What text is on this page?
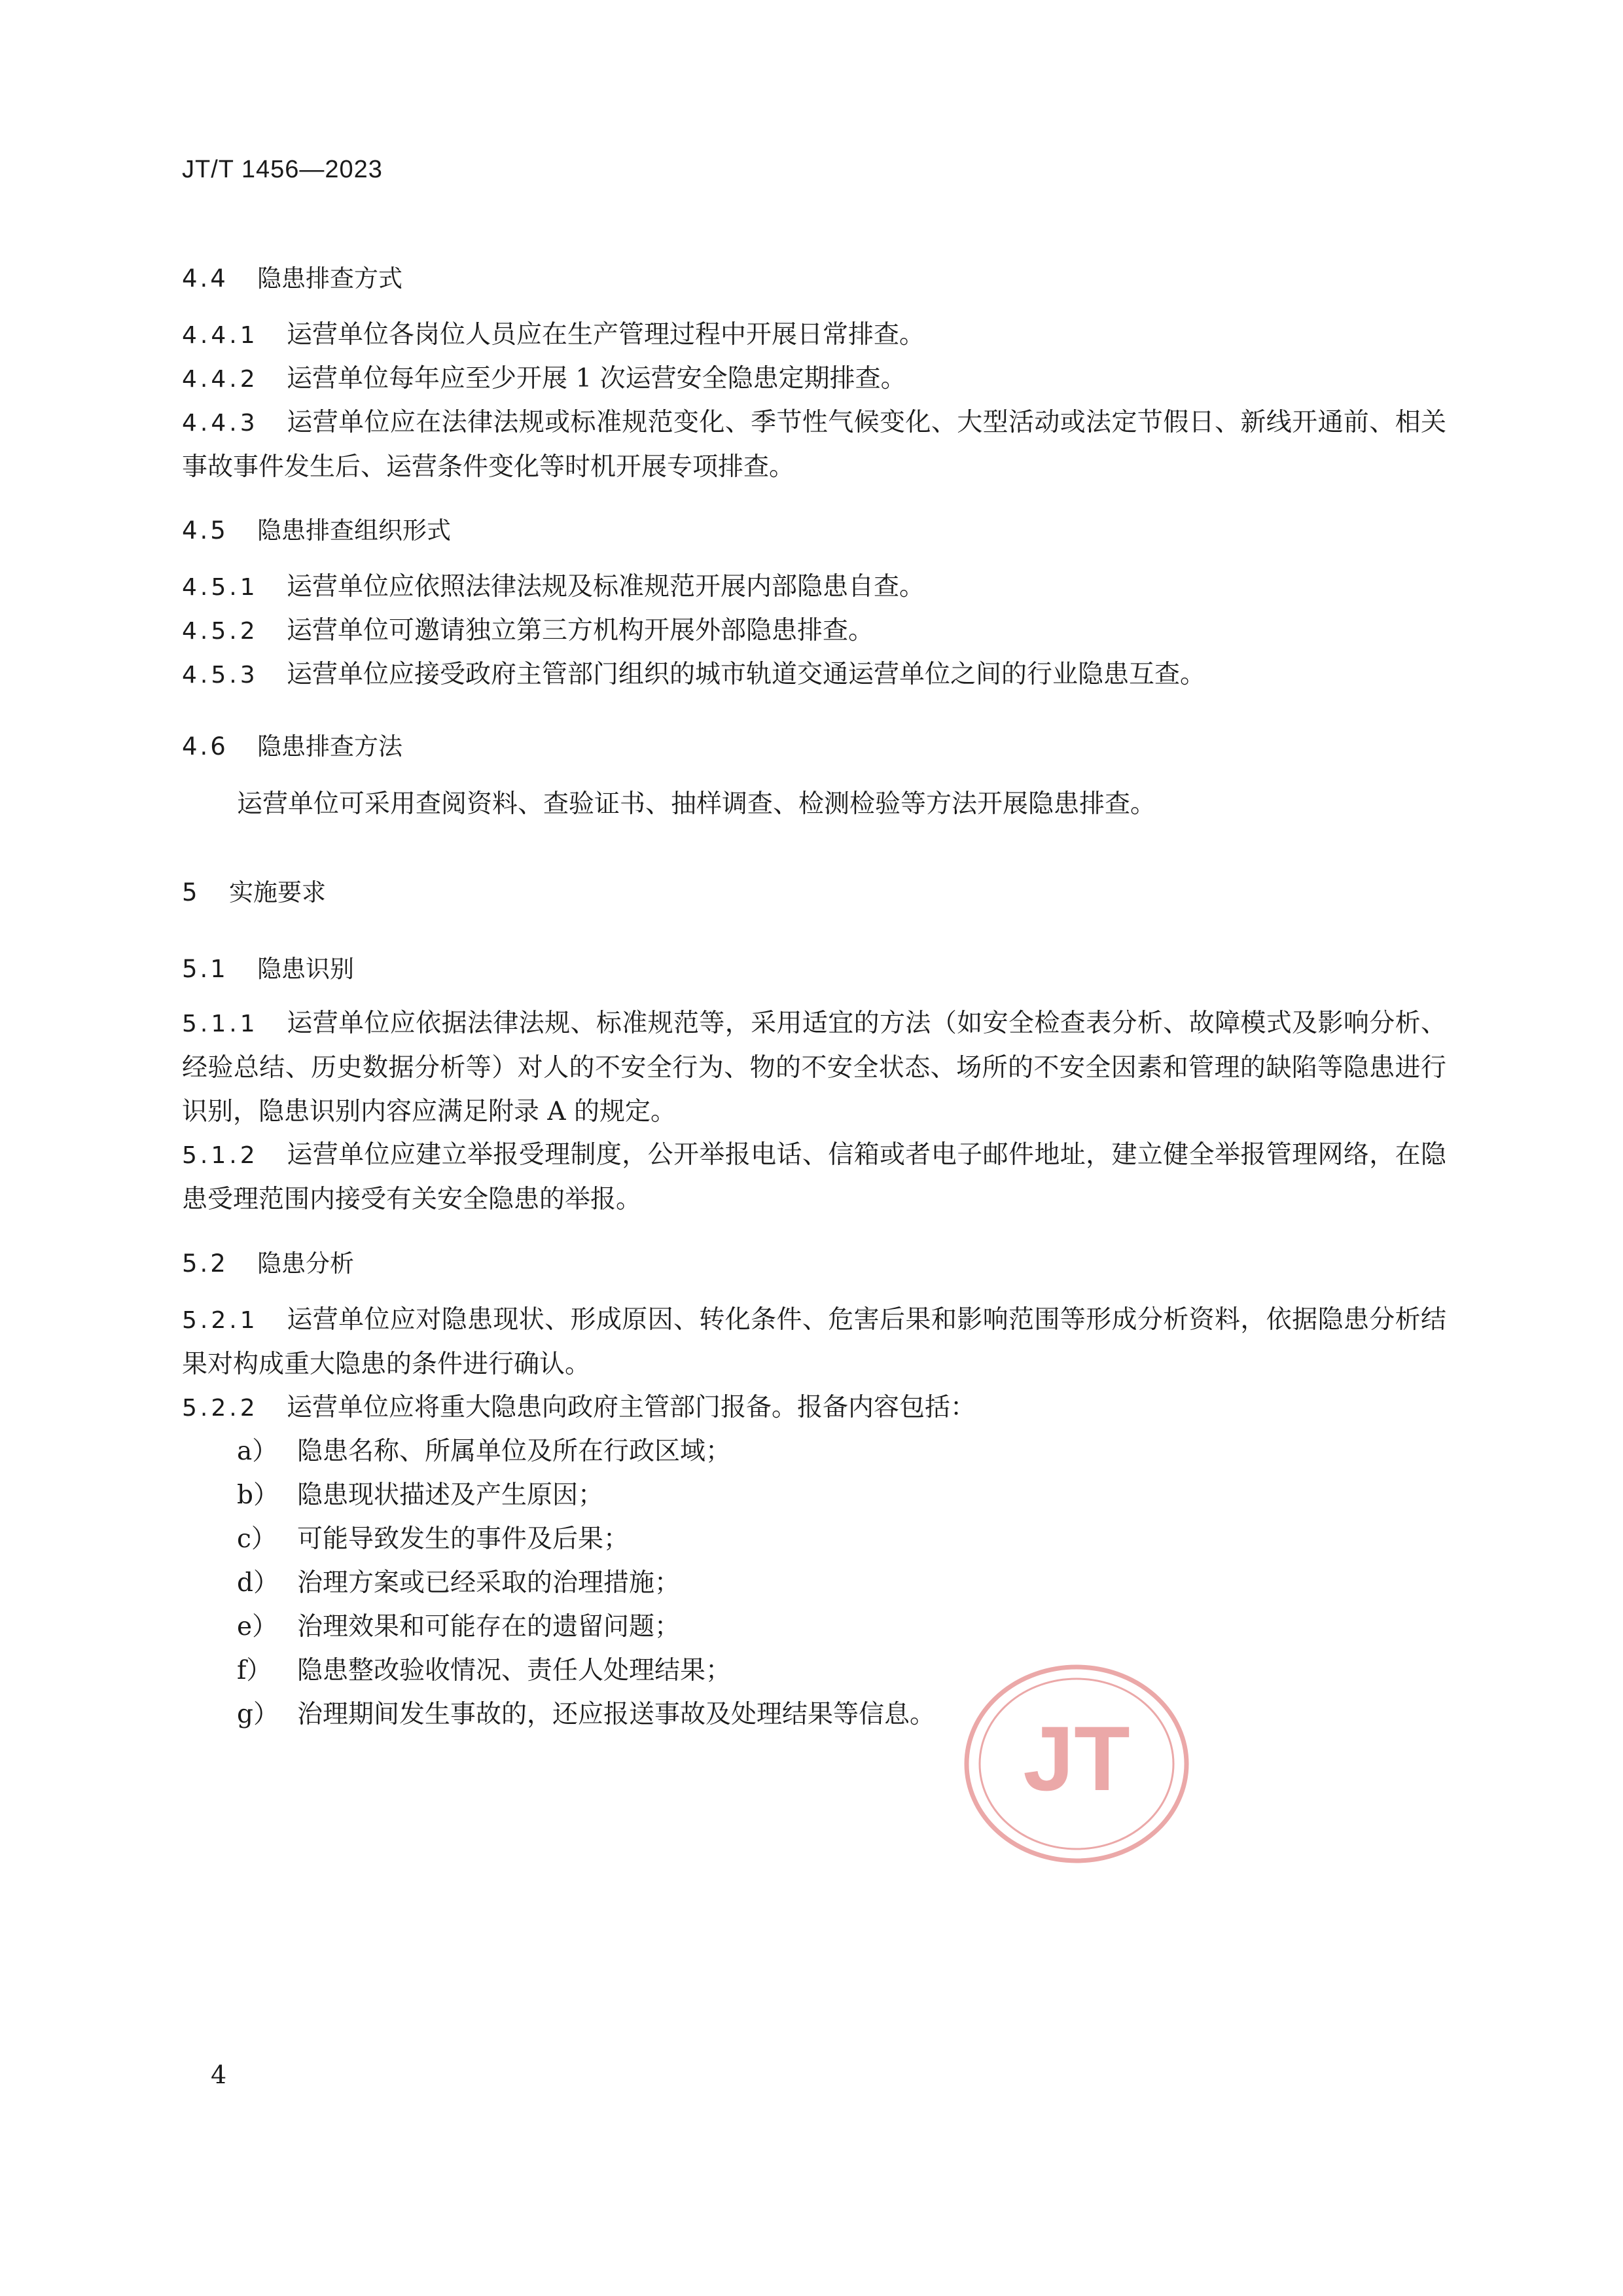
JT/T 1456—2023
4.4 隐患排查方式
4.4.1 运营单位各岗位人员应在生产管理过程中开展日常排查。
4.4.2 运营单位每年应至少开展 1 次运营安全隐患定期排查。
4.4.3 运营单位应在法律法规或标准规范变化、季节性气候变化、大型活动或法定节假日、新线开通前、相关事故事件发生后、运营条件变化等时机开展专项排查。
4.5 隐患排查组织形式
4.5.1 运营单位应依照法律法规及标准规范开展内部隐患自查。
4.5.2 运营单位可邀请独立第三方机构开展外部隐患排查。
4.5.3 运营单位应接受政府主管部门组织的城市轨道交通运营单位之间的行业隐患互查。
4.6 隐患排查方法
运营单位可采用查阅资料、查验证书、抽样调查、检测检验等方法开展隐患排查。
5 实施要求
5.1 隐患识别
5.1.1 运营单位应依据法律法规、标准规范等，采用适宜的方法（如安全检查表分析、故障模式及影响分析、经验总结、历史数据分析等）对人的不安全行为、物的不安全状态、场所的不安全因素和管理的缺陷等隐患进行识别，隐患识别内容应满足附录 A 的规定。
5.1.2 运营单位应建立举报受理制度，公开举报电话、信箱或者电子邮件地址，建立健全举报管理网络，在隐患受理范围内接受有关安全隐患的举报。
5.2 隐患分析
5.2.1 运营单位应对隐患现状、形成原因、转化条件、危害后果和影响范围等形成分析资料，依据隐患分析结果对构成重大隐患的条件进行确认。
5.2.2 运营单位应将重大隐患向政府主管部门报备。报备内容包括：
a） 隐患名称、所属单位及所在行政区域；
b） 隐患现状描述及产生原因；
c） 可能导致发生的事件及后果；
d） 治理方案或已经采取的治理措施；
e） 治理效果和可能存在的遗留问题；
f） 隐患整改验收情况、责任人处理结果；
g） 治理期间发生事故的，还应报送事故及处理结果等信息。 JT
4
